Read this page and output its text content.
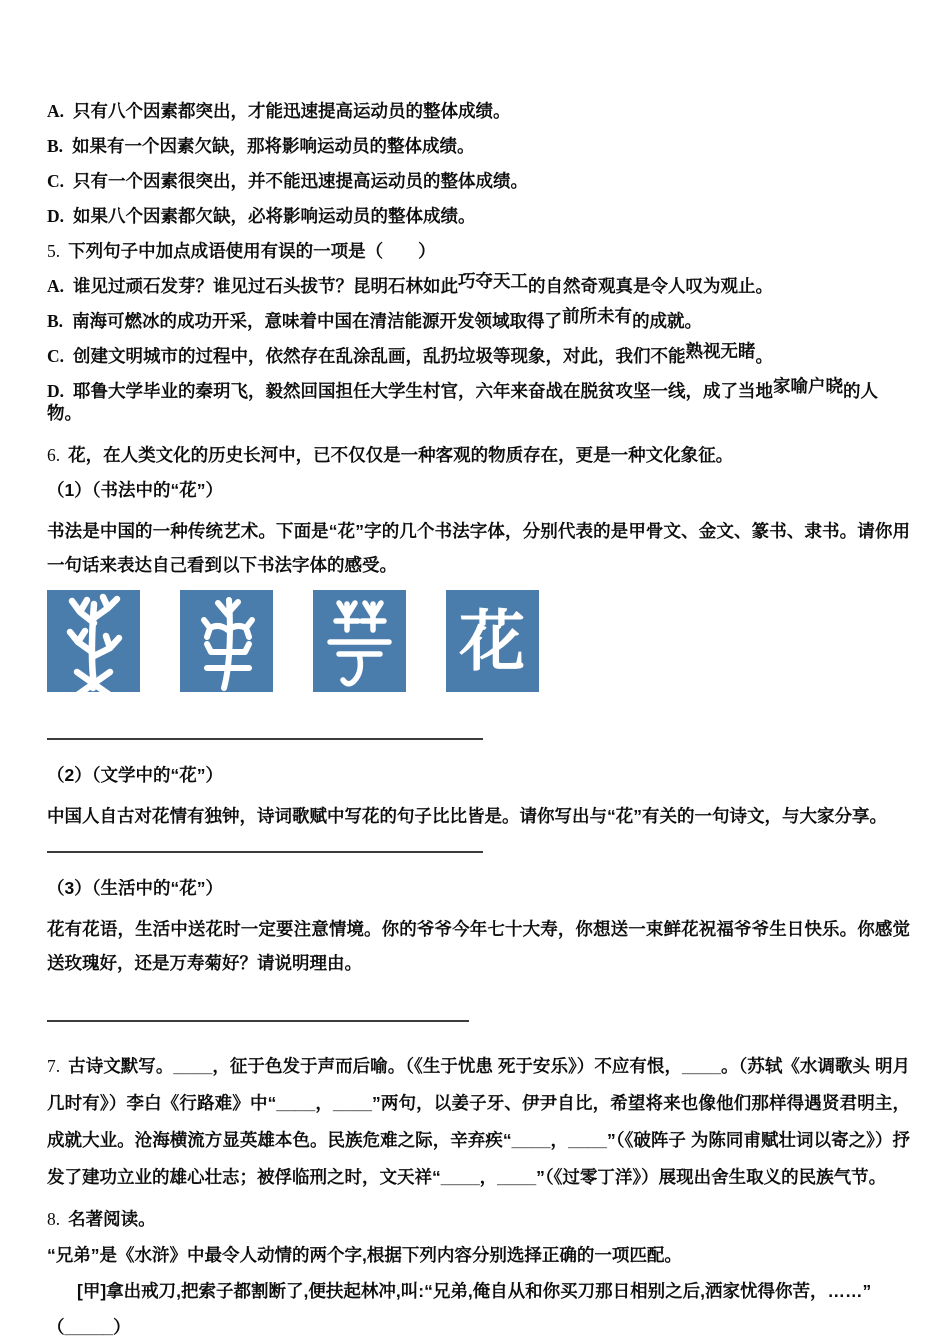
A. 只有八个因素都突出，才能迅速提高运动员的整体成绩。
B. 如果有一个因素欠缺，那将影响运动员的整体成绩。
C. 只有一个因素很突出，并不能迅速提高运动员的整体成绩。
D. 如果八个因素都欠缺，必将影响运动员的整体成绩。
5. 下列句子中加点成语使用有误的一项是（　　）
A. 谁见过顽石发芽？谁见过石头拔节？昆明石林如此巧夺天工的自然奇观真是令人叹为观止。
B. 南海可燃冰的成功开采，意味着中国在清洁能源开发领域取得了前所未有的成就。
C. 创建文明城市的过程中，依然存在乱涂乱画，乱扔垃圾等现象，对此，我们不能熟视无睹。
D. 耶鲁大学毕业的秦玥飞，毅然回国担任大学生村官，六年来奋战在脱贫攻坚一线，成了当地家喻户晓的人物。
6. 花，在人类文化的历史长河中，已不仅仅是一种客观的物质存在，更是一种文化象征。
（1）（书法中的“花”）
书法是中国的一种传统艺术。下面是“花”字的几个书法字体，分别代表的是甲骨文、金文、篆书、隶书。请你用一句话来表达自己看到以下书法字体的感受。

花
（2）（文学中的“花”）
中国人自古对花情有独钟，诗词歌赋中写花的句子比比皆是。请你写出与“花”有关的一句诗文，与大家分享。
（3）（生活中的“花”）
花有花语，生活中送花时一定要注意情境。你的爷爷今年七十大寿，你想送一束鲜花祝福爷爷生日快乐。你感觉送玫瑰好，还是万寿菊好？请说明理由。
7. 古诗文默写。____，征于色发于声而后喻。（《生于忧患 死于安乐》）不应有恨，____。（苏轼《水调歌头 明月几时有》）李白《行路难》中“____，____”两句，以姜子牙、伊尹自比，希望将来也像他们那样得遇贤君明主，成就大业。沧海横流方显英雄本色。民族危难之际，辛弃疾“____，____”（《破阵子 为陈同甫赋壮词以寄之》）抒发了建功立业的雄心壮志；被俘临刑之时，文天祥“____，____”（《过零丁洋》）展现出舍生取义的民族气节。
8. 名著阅读。
“兄弟”是《水浒》中最令人动情的两个字,根据下列内容分别选择正确的一项匹配。
[甲]拿出戒刀,把索子都割断了,便扶起林冲,叫:“兄弟,俺自从和你买刀那日相别之后,洒家忧得你苦，……”
（_____）
